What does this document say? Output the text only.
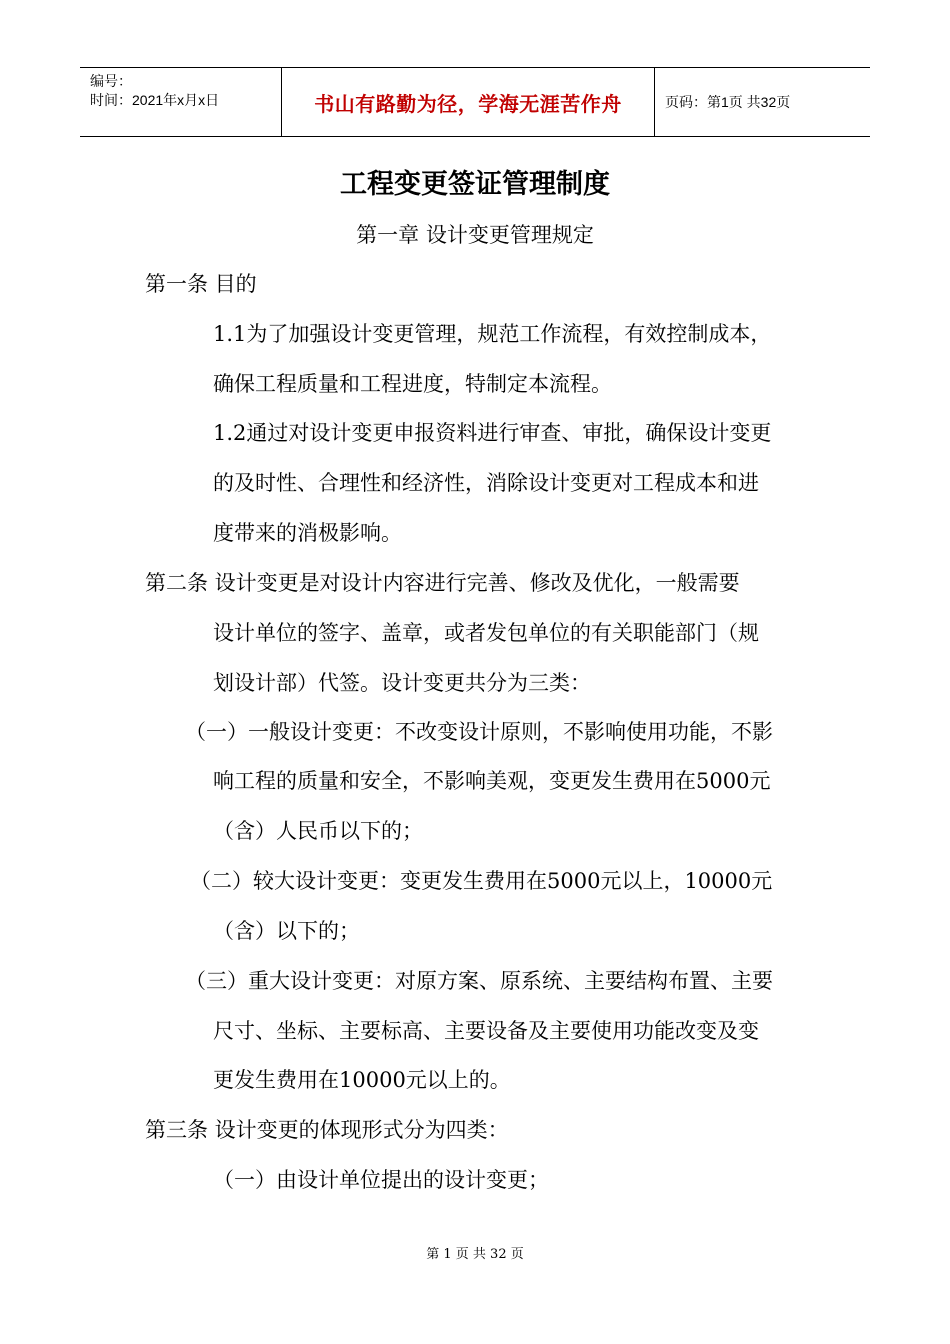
编号：
时间：2021年x月x日	书山有路勤为径，学海无涯苦作舟	页码：第1页 共32页
工程变更签证管理制度
第一章 设计变更管理规定
第一条 目的
1.1为了加强设计变更管理，规范工作流程，有效控制成本，
确保工程质量和工程进度，特制定本流程。
1.2通过对设计变更申报资料进行审查、审批，确保设计变更
的及时性、合理性和经济性，消除设计变更对工程成本和进
度带来的消极影响。
第二条 设计变更是对设计内容进行完善、修改及优化，一般需要
设计单位的签字、盖章，或者发包单位的有关职能部门（规
划设计部）代签。设计变更共分为三类：
（一）一般设计变更：不改变设计原则，不影响使用功能，不影
响工程的质量和安全，不影响美观，变更发生费用在5000元
（含）人民币以下的；
（二）较大设计变更：变更发生费用在5000元以上，10000元
（含）以下的；
（三）重大设计变更：对原方案、原系统、主要结构布置、主要
尺寸、坐标、主要标高、主要设备及主要使用功能改变及变
更发生费用在10000元以上的。
第三条 设计变更的体现形式分为四类：
（一）由设计单位提出的设计变更；
第 1 页 共 32 页
